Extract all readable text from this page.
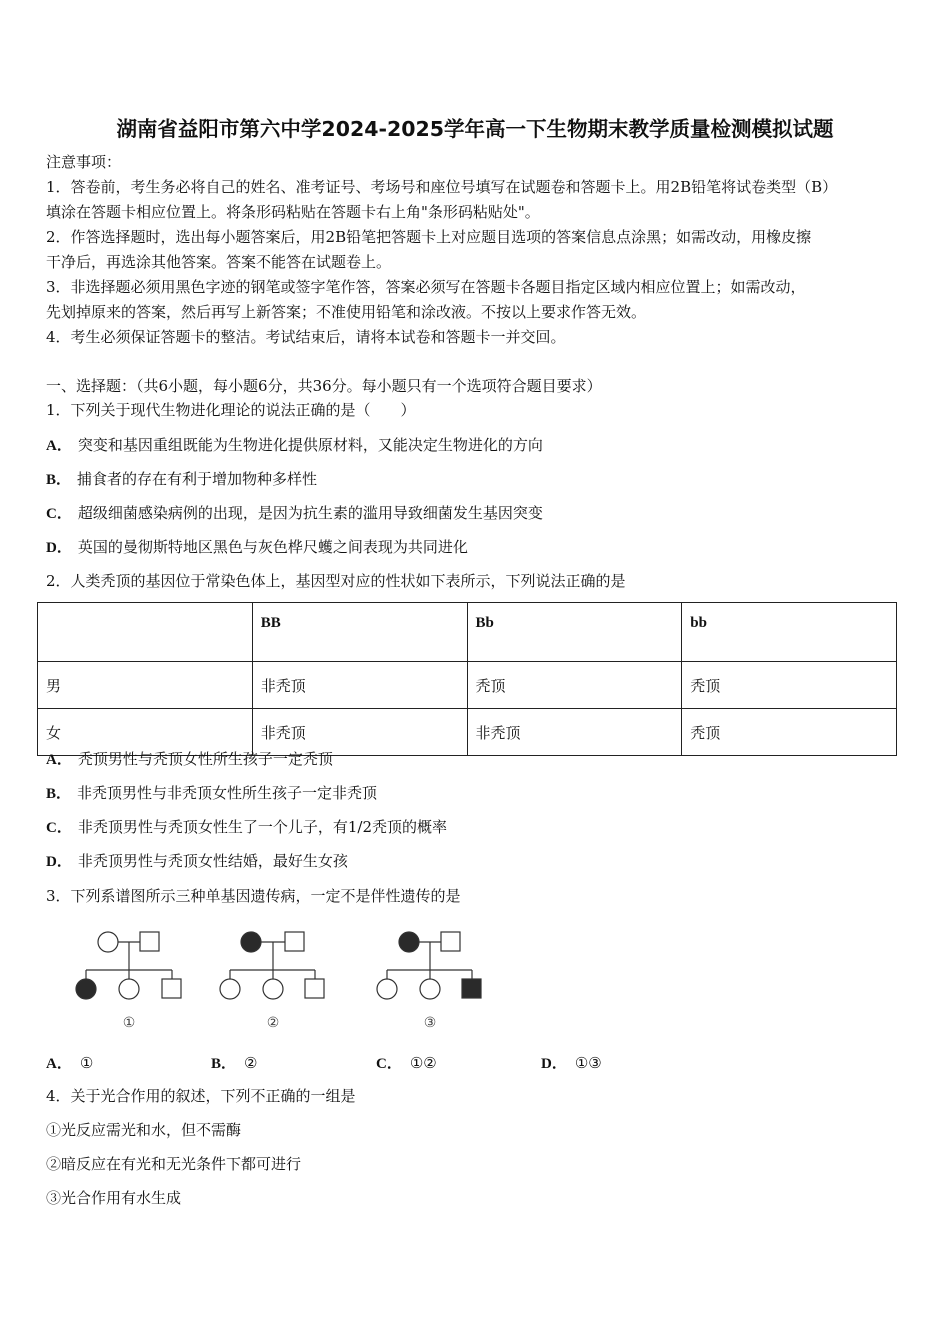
湖南省益阳市第六中学2024-2025学年高一下生物期末教学质量检测模拟试题
注意事项：
1．答卷前，考生务必将自己的姓名、准考证号、考场号和座位号填写在试题卷和答题卡上。用2B铅笔将试卷类型（B）
填涂在答题卡相应位置上。将条形码粘贴在答题卡右上角"条形码粘贴处"。
2．作答选择题时，选出每小题答案后，用2B铅笔把答题卡上对应题目选项的答案信息点涂黑；如需改动，用橡皮擦
干净后，再选涂其他答案。答案不能答在试题卷上。
3．非选择题必须用黑色字迹的钢笔或签字笔作答，答案必须写在答题卡各题目指定区域内相应位置上；如需改动，
先划掉原来的答案，然后再写上新答案；不准使用铅笔和涂改液。不按以上要求作答无效。
4．考生必须保证答题卡的整洁。考试结束后，请将本试卷和答题卡一并交回。
一、选择题：（共6小题，每小题6分，共36分。每小题只有一个选项符合题目要求）
1．下列关于现代生物进化理论的说法正确的是（　　）
A． 突变和基因重组既能为生物进化提供原材料，又能决定生物进化的方向
B． 捕食者的存在有利于增加物种多样性
C． 超级细菌感染病例的出现，是因为抗生素的滥用导致细菌发生基因突变
D． 英国的曼彻斯特地区黑色与灰色桦尺蠖之间表现为共同进化
2．人类秃顶的基因位于常染色体上，基因型对应的性状如下表所示，下列说法正确的是
	BB	Bb	bb
男	非秃顶	秃顶	秃顶
女	非秃顶	非秃顶	秃顶
A． 秃顶男性与秃顶女性所生孩子一定秃顶
B． 非秃顶男性与非秃顶女性所生孩子一定非秃顶
C． 非秃顶男性与秃顶女性生了一个儿子，有1/2秃顶的概率
D． 非秃顶男性与秃顶女性结婚，最好生女孩
3．下列系谱图所示三种单基因遗传病，一定不是伴性遗传的是
①	②	③
A． ①	B． ②	C． ①②	D． ①③
4．关于光合作用的叙述，下列不正确的一组是
①光反应需光和水，但不需酶
②暗反应在有光和无光条件下都可进行
③光合作用有水生成
